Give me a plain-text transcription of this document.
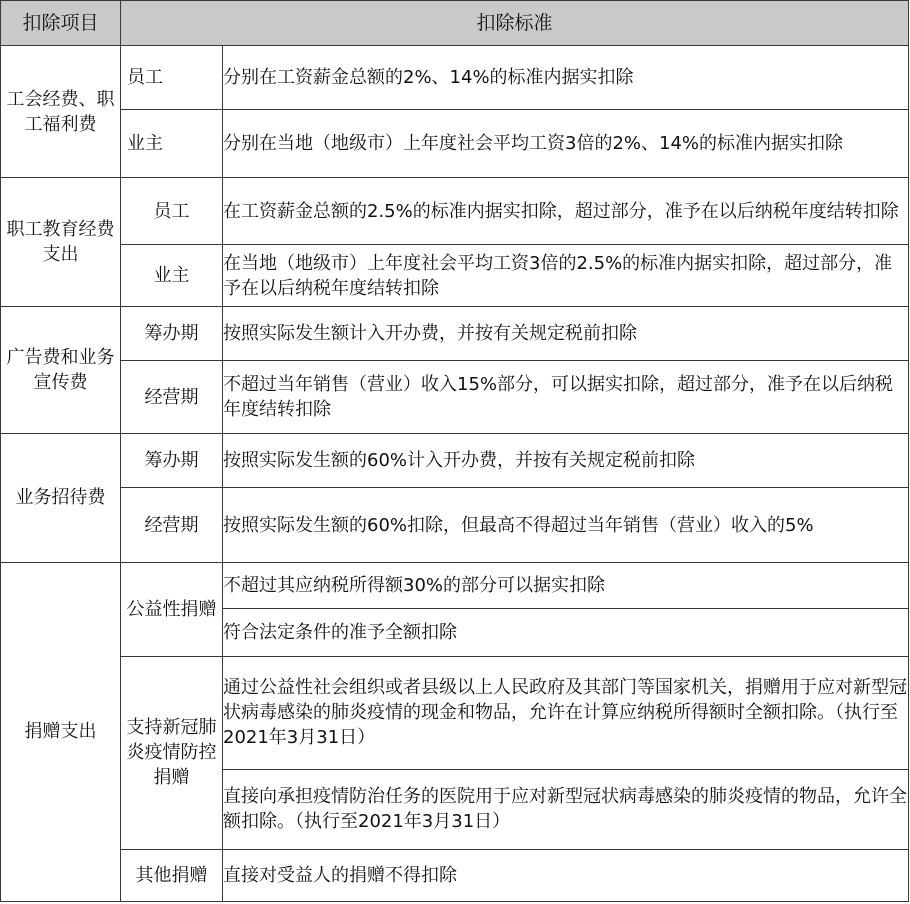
扣除项目	扣除标准	
工会经费、职工福利费	员工	分别在工资薪金总额的2%、14%的标准内据实扣除
	业主	分别在当地（地级市）上年度社会平均工资3倍的2%、14%的标准内据实扣除
职工教育经费支出	员工	在工资薪金总额的2.5%的标准内据实扣除，超过部分，准予在以后纳税年度结转扣除
	业主	在当地（地级市）上年度社会平均工资3倍的2.5%的标准内据实扣除，超过部分，准予在以后纳税年度结转扣除
广告费和业务宣传费	筹办期	按照实际发生额计入开办费，并按有关规定税前扣除
	经营期	不超过当年销售（营业）收入15%部分，可以据实扣除，超过部分，准予在以后纳税年度结转扣除
业务招待费	筹办期	按照实际发生额的60%计入开办费，并按有关规定税前扣除
	经营期	按照实际发生额的60%扣除，但最高不得超过当年销售（营业）收入的5%
捐赠支出	公益性捐赠	不超过其应纳税所得额30%的部分可以据实扣除
		符合法定条件的准予全额扣除
	支持新冠肺炎疫情防控捐赠	通过公益性社会组织或者县级以上人民政府及其部门等国家机关，捐赠用于应对新型冠状病毒感染的肺炎疫情的现金和物品，允许在计算应纳税所得额时全额扣除。（执行至2021年3月31日）
		直接向承担疫情防治任务的医院用于应对新型冠状病毒感染的肺炎疫情的物品，允许全额扣除。（执行至2021年3月31日）
	其他捐赠	直接对受益人的捐赠不得扣除
